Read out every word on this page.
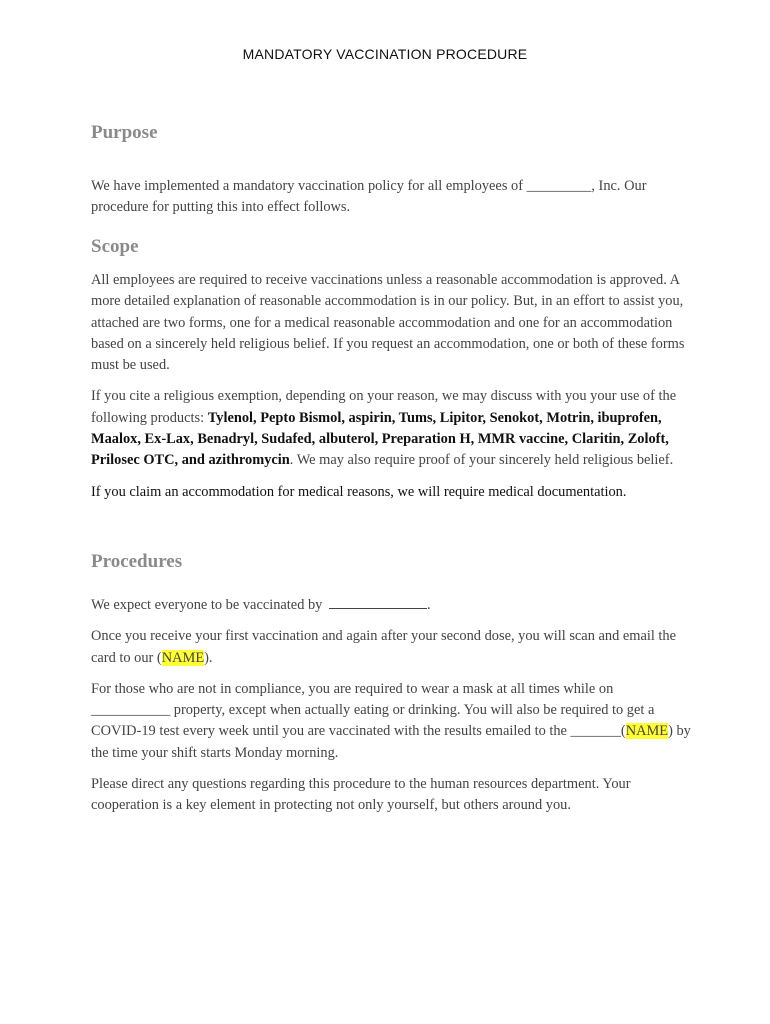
MANDATORY VACCINATION PROCEDURE
Purpose

We have implemented a mandatory vaccination policy for all employees of _________, Inc. Our procedure for putting this into effect follows.

Scope

All employees are required to receive vaccinations unless a reasonable accommodation is approved. A more detailed explanation of reasonable accommodation is in our policy. But, in an effort to assist you, attached are two forms, one for a medical reasonable accommodation and one for an accommodation based on a sincerely held religious belief. If you request an accommodation, one or both of these forms must be used.

If you cite a religious exemption, depending on your reason, we may discuss with you your use of the following products: Tylenol, Pepto Bismol, aspirin, Tums, Lipitor, Senokot, Motrin, ibuprofen, Maalox, Ex-Lax, Benadryl, Sudafed, albuterol, Preparation H, MMR vaccine, Claritin, Zoloft, Prilosec OTC, and azithromycin. We may also require proof of your sincerely held religious belief.

If you claim an accommodation for medical reasons, we will require medical documentation.

Procedures

We expect everyone to be vaccinated by	.

Once you receive your first vaccination and again after your second dose, you will scan and email the card to our (NAME).

For those who are not in compliance, you are required to wear a mask at all times while on ___________ property, except when actually eating or drinking. You will also be required to get a COVID-19 test every week until you are vaccinated with the results emailed to the _______(NAME) by the time your shift starts Monday morning.

Please direct any questions regarding this procedure to the human resources department. Your cooperation is a key element in protecting not only yourself, but others around you.
